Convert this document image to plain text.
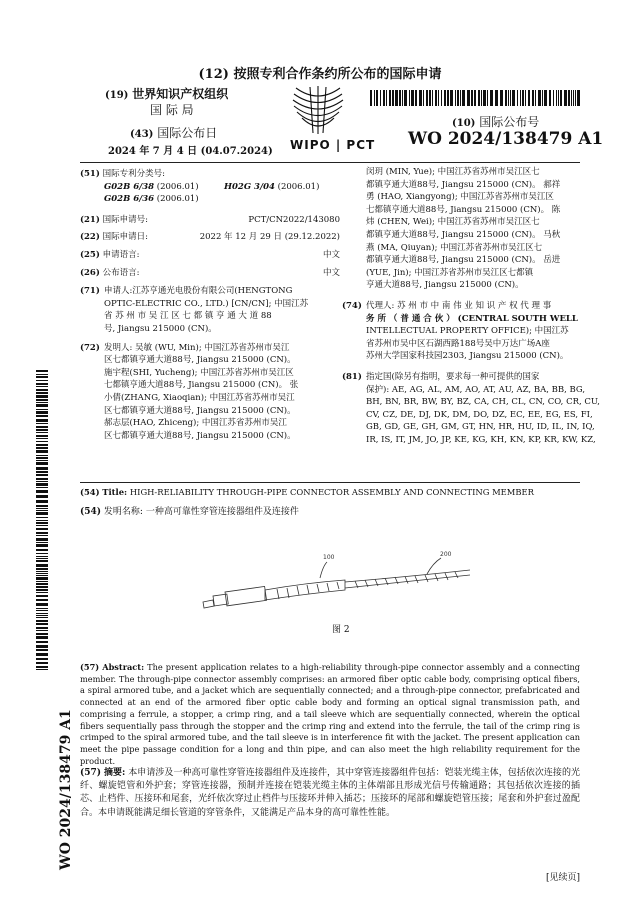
(12) 按照专利合作条约所公布的国际申请
(19) 世界知识产权组织
国 际 局
(43) 国际公布日
2024 年 7 月 4 日 (04.07.2024) WIPO | PCT
(10) 国际公布号
WO 2024/138479 A1
WO 2024/138479 A1
(51) 国际专利分类号:
G02B 6/38 (2006.01)	H02G 3/04 (2006.01)
G02B 6/36 (2006.01)
(21) 国际申请号:	PCT/CN2022/143080
(22) 国际申请日:	2022 年 12 月 29 日 (29.12.2022)
(25) 申请语言:	中文
(26) 公布语言:	中文
(71) 申请人:江苏亨通光电股份有限公司(HENGTONG
OPTIC-ELECTRIC CO., LTD.) [CN/CN]; 中国江苏
省 苏 州 市 吴 江 区 七 都 镇 亨 通 大 道 88
号, Jiangsu 215000 (CN)。
(72) 发明人: 吴敏 (WU, Min); 中国江苏省苏州市吴江
区七都镇亨通大道88号, Jiangsu 215000 (CN)。
施宇程(SHI, Yucheng); 中国江苏省苏州市吴江区
七都镇亨通大道88号, Jiangsu 215000 (CN)。 张
小倩(ZHANG, Xiaoqian); 中国江苏省苏州市吴江
区七都镇亨通大道88号, Jiangsu 215000 (CN)。
郝志层(HAO, Zhiceng); 中国江苏省苏州市吴江
区七都镇亨通大道88号, Jiangsu 215000 (CN)。
闵玥 (MIN, Yue); 中国江苏省苏州市吴江区七
都镇亨通大道88号, Jiangsu 215000 (CN)。 郝祥
勇 (HAO, Xiangyong); 中国江苏省苏州市吴江区
七都镇亨通大道88号, Jiangsu 215000 (CN)。 陈
炜 (CHEN, Wei); 中国江苏省苏州市吴江区七
都镇亨通大道88号, Jiangsu 215000 (CN)。 马秋
燕 (MA, Qiuyan); 中国江苏省苏州市吴江区七
都镇亨通大道88号, Jiangsu 215000 (CN)。 岳进
(YUE, Jin); 中国江苏省苏州市吴江区七都镇
亨通大道88号, Jiangsu 215000 (CN)。
(74) 代理人: 苏 州 市 中 南 伟 业 知 识 产 权 代 理 事
务 所 （ 普 通 合 伙 ） (CENTRAL SOUTH WELL
INTELLECTUAL PROPERTY OFFICE); 中国江苏
省苏州市吴中区石湖西路188号吴中万达广场A座
苏州大学国家科技园2303, Jiangsu 215000 (CN)。
(81) 指定国(除另有指明，要求每一种可提供的国家
保护): AE, AG, AL, AM, AO, AT, AU, AZ, BA, BB, BG,
BH, BN, BR, BW, BY, BZ, CA, CH, CL, CN, CO, CR, CU,
CV, CZ, DE, DJ, DK, DM, DO, DZ, EC, EE, EG, ES, FI,
GB, GD, GE, GH, GM, GT, HN, HR, HU, ID, IL, IN, IQ,
IR, IS, IT, JM, JO, JP, KE, KG, KH, KN, KP, KR, KW, KZ,
(54) Title: HIGH-RELIABILITY THROUGH-PIPE CONNECTOR ASSEMBLY AND CONNECTING MEMBER
(54) 发明名称: 一种高可靠性穿管连接器组件及连接件
100	200
图 2
(57) Abstract: The present application relates to a high-reliability through-pipe connector assembly and a connecting member. The through-pipe connector assembly comprises: an armored fiber optic cable body, comprising optical fibers, a spiral armored tube, and a jacket which are sequentially connected; and a through-pipe connector, prefabricated and connected at an end of the armored fiber optic cable body and forming an optical signal transmission path, and comprising a ferrule, a stopper, a crimp ring, and a tail sleeve which are sequentially connected, wherein the optical fibers sequentially pass through the stopper and the crimp ring and extend into the ferrule, the tail of the crimp ring is crimped to the spiral armored tube, and the tail sleeve is in interference fit with the jacket. The present application can meet the pipe passage condition for a long and thin pipe, and can also meet the high reliability requirement for the product.
(57) 摘要: 本申请涉及一种高可靠性穿管连接器组件及连接件，其中穿管连接器组件包括：铠装光缆主体，包括依次连接的光纤、螺旋铠管和外护套；穿管连接器，预制并连接在铠装光缆主体的主体端部且形成光信号传输通路；其包括依次连接的插芯、止档件、压接环和尾套，光纤依次穿过止档件与压接环并伸入插芯；压接环的尾部和螺旋铠管压接；尾套和外护套过盈配合。本申请既能满足细长管道的穿管条件，又能满足产品本身的高可靠性性能。
[见续页]
